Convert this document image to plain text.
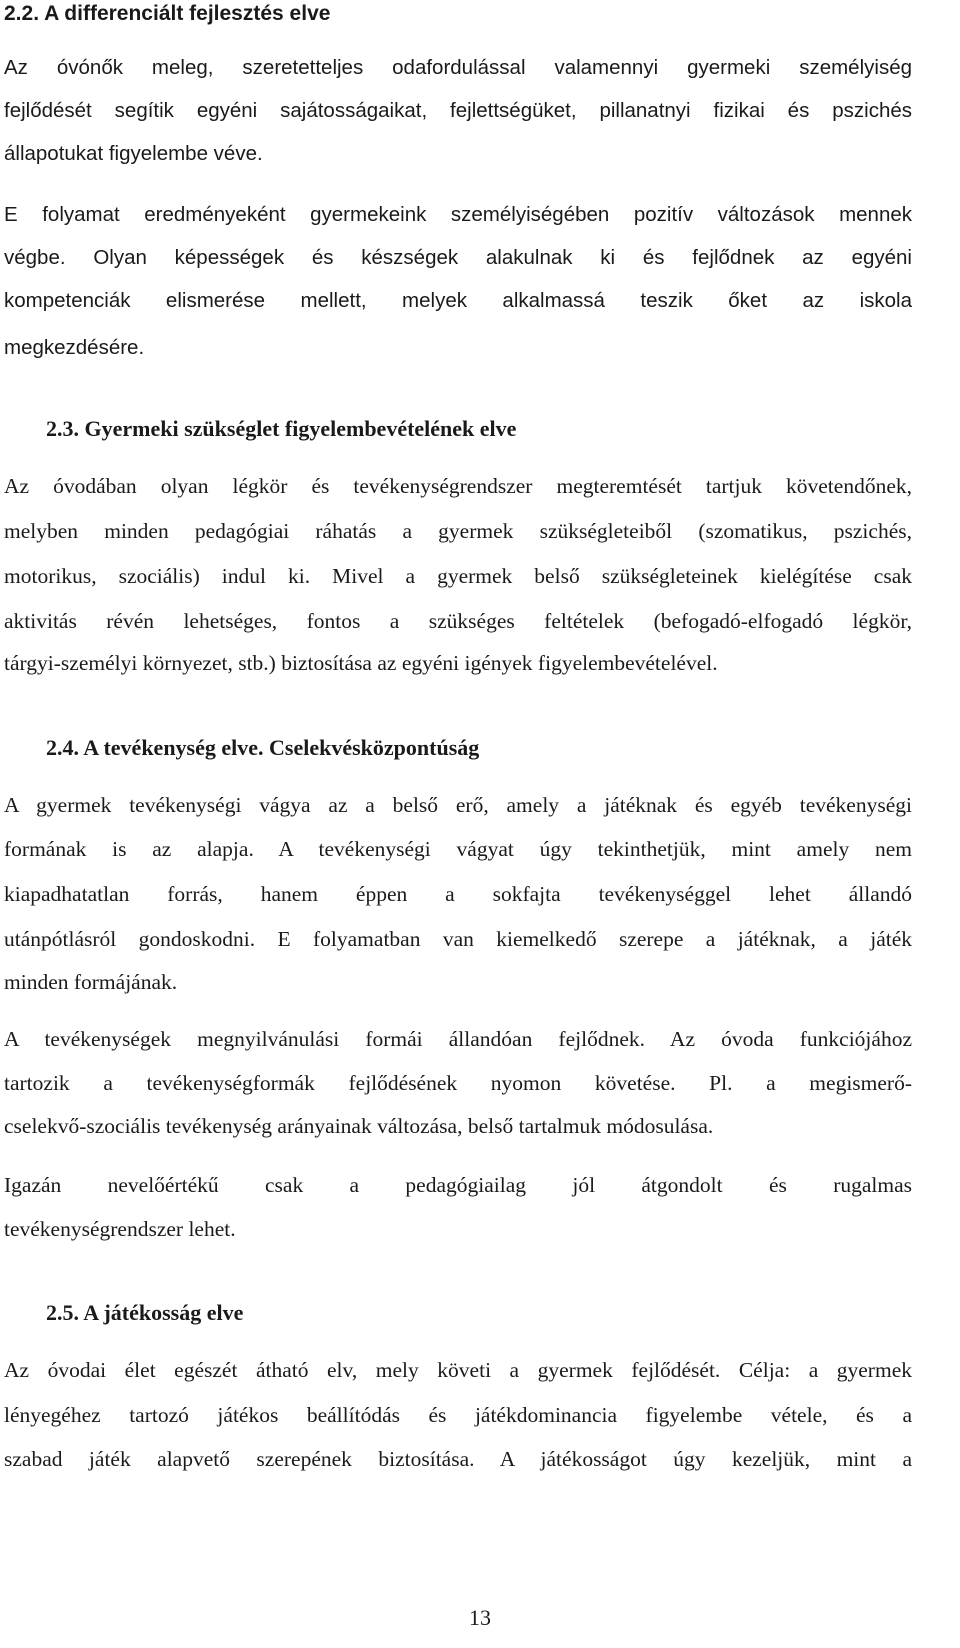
2.2. A differenciált fejlesztés elve
Az óvónők meleg, szeretetteljes odafordulással valamennyi gyermeki személyiség
fejlődését segítik egyéni sajátosságaikat, fejlettségüket, pillanatnyi fizikai és pszichés
állapotukat figyelembe véve.
E folyamat eredményeként gyermekeink személyiségében pozitív változások mennek
végbe. Olyan képességek és készségek alakulnak ki és fejlődnek az egyéni
kompetenciák elismerése mellett, melyek alkalmassá teszik őket az iskola
megkezdésére.
2.3. Gyermeki szükséglet figyelembevételének elve
Az óvodában olyan légkör és tevékenységrendszer megteremtését tartjuk követendőnek,
melyben minden pedagógiai ráhatás a gyermek szükségleteiből (szomatikus, pszichés,
motorikus, szociális) indul ki. Mivel a gyermek belső szükségleteinek kielégítése csak
aktivitás révén lehetséges, fontos a szükséges feltételek (befogadó-elfogadó légkör,
tárgyi-személyi környezet, stb.) biztosítása az egyéni igények figyelembevételével.
2.4. A tevékenység elve. Cselekvésközpontúság
A gyermek tevékenységi vágya az a belső erő, amely a játéknak és egyéb tevékenységi
formának is az alapja. A tevékenységi vágyat úgy tekinthetjük, mint amely nem
kiapadhatatlan forrás, hanem éppen a sokfajta tevékenységgel lehet állandó
utánpótlásról gondoskodni. E folyamatban van kiemelkedő szerepe a játéknak, a játék
minden formájának.
A tevékenységek megnyilvánulási formái állandóan fejlődnek. Az óvoda funkciójához
tartozik a tevékenységformák fejlődésének nyomon követése. Pl. a megismerő-
cselekvő-szociális tevékenység arányainak változása, belső tartalmuk módosulása.
Igazán nevelőértékű csak a pedagógiailag jól átgondolt és rugalmas
tevékenységrendszer lehet.
2.5. A játékosság elve
Az óvodai élet egészét átható elv, mely követi a gyermek fejlődését. Célja: a gyermek
lényegéhez tartozó játékos beállítódás és játékdominancia figyelembe vétele, és a
szabad játék alapvető szerepének biztosítása. A játékosságot úgy kezeljük, mint a
13
